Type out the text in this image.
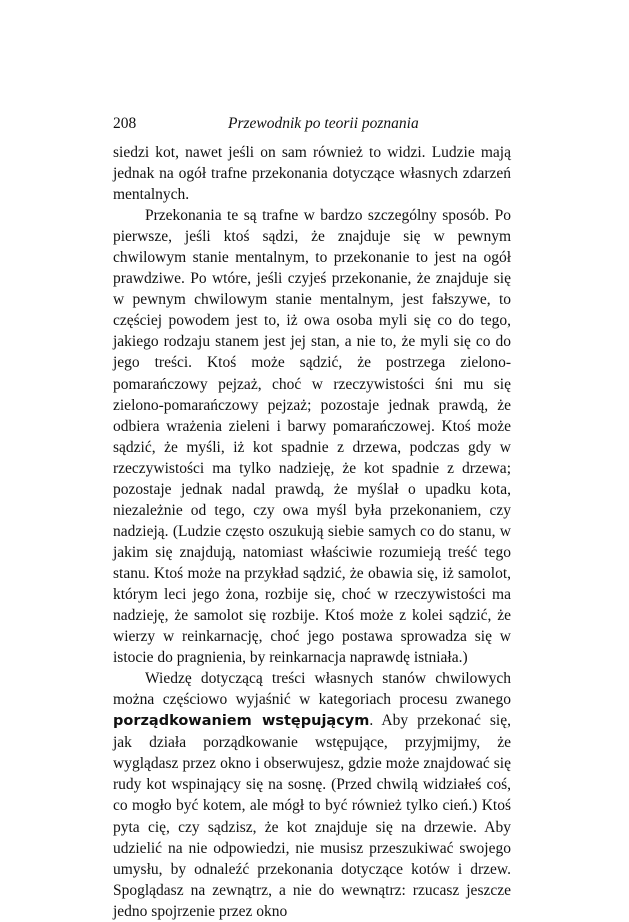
208	Przewodnik po teorii poznania

siedzi kot, nawet jeśli on sam również to widzi. Ludzie mają jednak na ogół trafne przekonania dotyczące własnych zdarzeń mentalnych.

Przekonania te są trafne w bardzo szczególny sposób. Po pierwsze, jeśli ktoś sądzi, że znajduje się w pewnym chwilowym stanie mentalnym, to przekonanie to jest na ogół prawdziwe. Po wtóre, jeśli czyjeś przekonanie, że znajduje się w pewnym chwilowym stanie mentalnym, jest fałszywe, to częściej powodem jest to, iż owa osoba myli się co do tego, jakiego rodzaju stanem jest jej stan, a nie to, że myli się co do jego treści. Ktoś może sądzić, że postrzega zielono-pomarańczowy pejzaż, choć w rzeczywistości śni mu się zielono-pomarańczowy pejzaż; pozostaje jednak prawdą, że odbiera wrażenia zieleni i barwy pomarańczowej. Ktoś może sądzić, że myśli, iż kot spadnie z drzewa, podczas gdy w rzeczywistości ma tylko nadzieję, że kot spadnie z drzewa; pozostaje jednak nadal prawdą, że myślał o upadku kota, niezależnie od tego, czy owa myśl była przekonaniem, czy nadzieją. (Ludzie często oszukują siebie samych co do stanu, w jakim się znajdują, natomiast właściwie rozumieją treść tego stanu. Ktoś może na przykład sądzić, że obawia się, iż samolot, którym leci jego żona, rozbije się, choć w rzeczywistości ma nadzieję, że samolot się rozbije. Ktoś może z kolei sądzić, że wierzy w reinkarnację, choć jego postawa sprowadza się w istocie do pragnienia, by reinkarnacja naprawdę istniała.)

Wiedzę dotyczącą treści własnych stanów chwilowych można częściowo wyjaśnić w kategoriach procesu zwanego porządkowaniem wstępującym. Aby przekonać się, jak działa porządkowanie wstępujące, przyjmijmy, że wyglądasz przez okno i obserwujesz, gdzie może znajdować się rudy kot wspinający się na sosnę. (Przed chwilą widziałeś coś, co mogło być kotem, ale mógł to być również tylko cień.) Ktoś pyta cię, czy sądzisz, że kot znajduje się na drzewie. Aby udzielić na nie odpowiedzi, nie musisz przeszukiwać swojego umysłu, by odnaleźć przekonania dotyczące kotów i drzew. Spoglądasz na zewnątrz, a nie do wewnątrz: rzucasz jeszcze jedno spojrzenie przez okno
